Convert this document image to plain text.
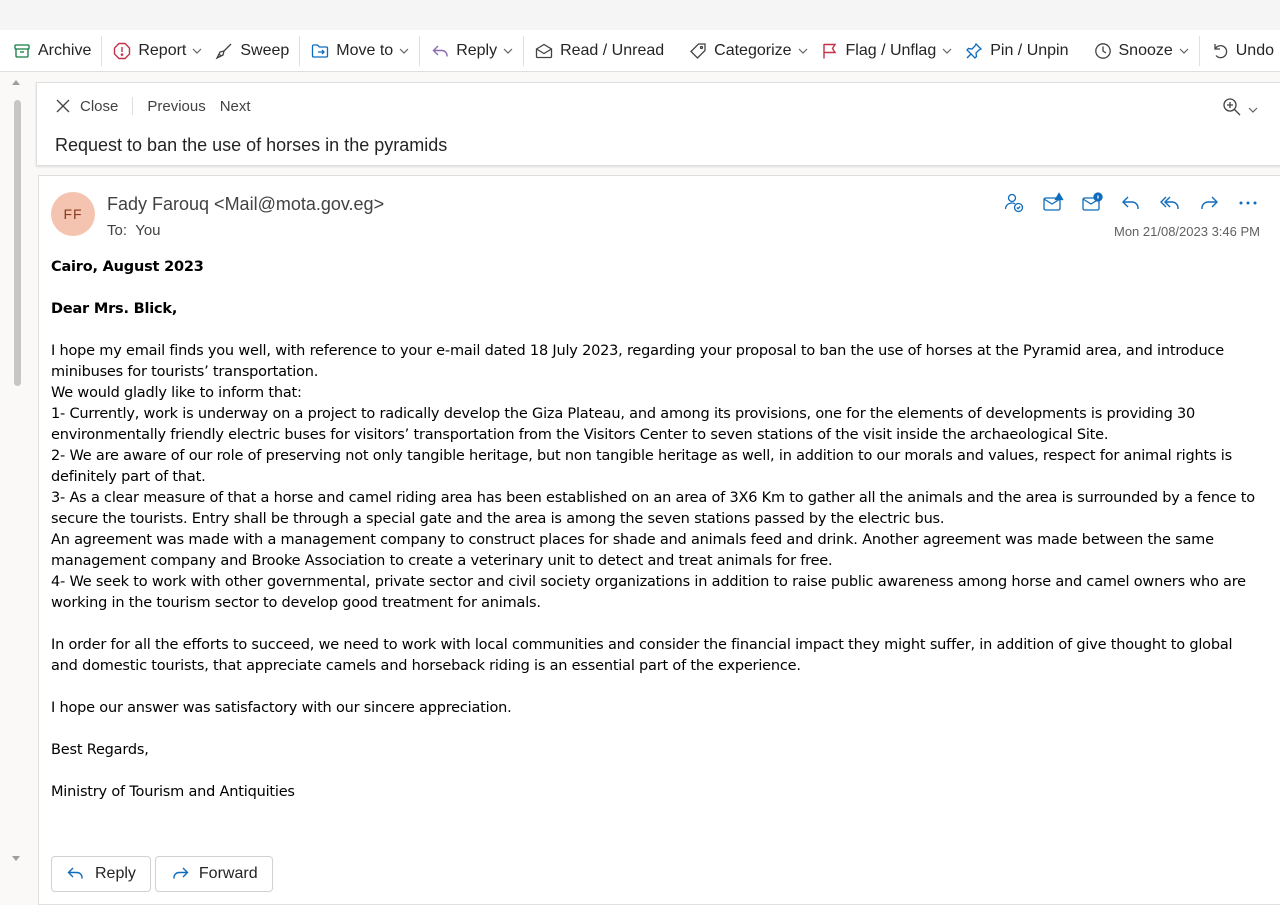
Archive	Report	Sweep	Move to	Reply	Read / Unread	Categorize	Flag / Unflag	Pin / Unpin	Snooze	Undo
Close Previous Next
Request to ban the use of horses in the pyramids
FF	Fady Farouq <Mail@mota.gov.eg>
To: You	Mon 21/08/2023 3:46 PM

Cairo, August 2023

Dear Mrs. Blick,

I hope my email finds you well, with reference to your e-mail dated 18 July 2023, regarding your proposal to ban the use of horses at the Pyramid area, and introduce minibuses for tourists’ transportation.

We would gladly like to inform that:

1- Currently, work is underway on a project to radically develop the Giza Plateau, and among its provisions, one for the elements of developments is providing 30 environmentally friendly electric buses for visitors’ transportation from the Visitors Center to seven stations of the visit inside the archaeological Site.

2- We are aware of our role of preserving not only tangible heritage, but non tangible heritage as well, in addition to our morals and values, respect for animal rights is definitely part of that.

3- As a clear measure of that a horse and camel riding area has been established on an area of 3X6 Km to gather all the animals and the area is surrounded by a fence to secure the tourists. Entry shall be through a special gate and the area is among the seven stations passed by the electric bus.

An agreement was made with a management company to construct places for shade and animals feed and drink. Another agreement was made between the same management company and Brooke Association to create a veterinary unit to detect and treat animals for free.

4- We seek to work with other governmental, private sector and civil society organizations in addition to raise public awareness among horse and camel owners who are working in the tourism sector to develop good treatment for animals.

In order for all the efforts to succeed, we need to work with local communities and consider the financial impact they might suffer, in addition of give thought to global and domestic tourists, that appreciate camels and horseback riding is an essential part of the experience.

I hope our answer was satisfactory with our sincere appreciation.

Best Regards,

Ministry of Tourism and Antiquities

Reply	Forward
